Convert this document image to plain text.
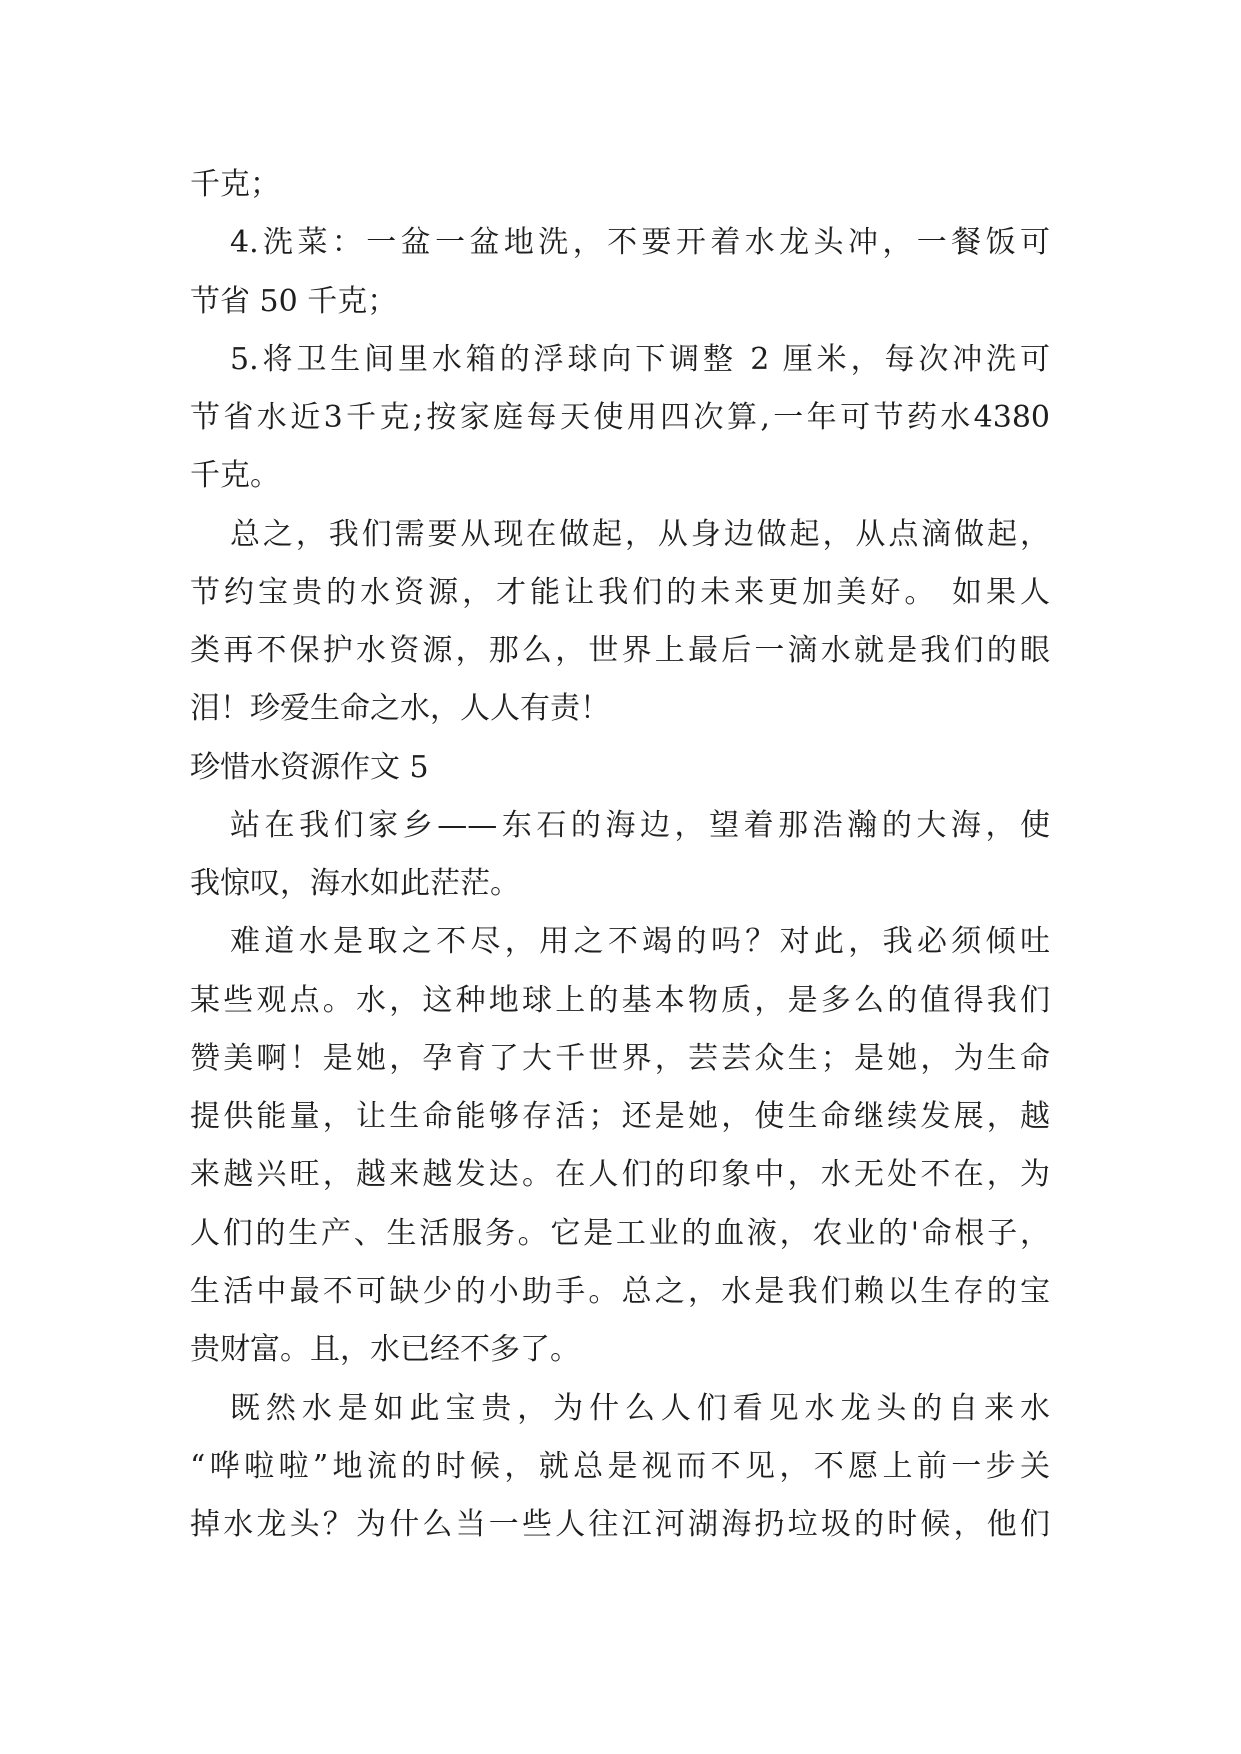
千克；
4.洗菜：一盆一盆地洗，不要开着水龙头冲，一餐饭可
节省 50 千克；
5.将卫生间里水箱的浮球向下调整 2 厘米，每次冲洗可
节省水近3千克;按家庭每天使用四次算,一年可节药水4380
千克。
总之，我们需要从现在做起，从身边做起，从点滴做起，
节约宝贵的水资源，才能让我们的未来更加美好。 如果人
类再不保护水资源，那么，世界上最后一滴水就是我们的眼
泪！珍爱生命之水，人人有责！
珍惜水资源作文 5
站在我们家乡——东石的海边，望着那浩瀚的大海，使
我惊叹，海水如此茫茫。
难道水是取之不尽，用之不竭的吗？对此，我必须倾吐
某些观点。水，这种地球上的基本物质，是多么的值得我们
赞美啊！是她，孕育了大千世界，芸芸众生；是她，为生命
提供能量，让生命能够存活；还是她，使生命继续发展，越
来越兴旺，越来越发达。在人们的印象中，水无处不在，为
人们的生产、生活服务。它是工业的血液，农业的'命根子，
生活中最不可缺少的小助手。总之，水是我们赖以生存的宝
贵财富。且，水已经不多了。
既然水是如此宝贵，为什么人们看见水龙头的自来水
“哗啦啦”地流的时候，就总是视而不见，不愿上前一步关
掉水龙头？为什么当一些人往江河湖海扔垃圾的时候，他们
